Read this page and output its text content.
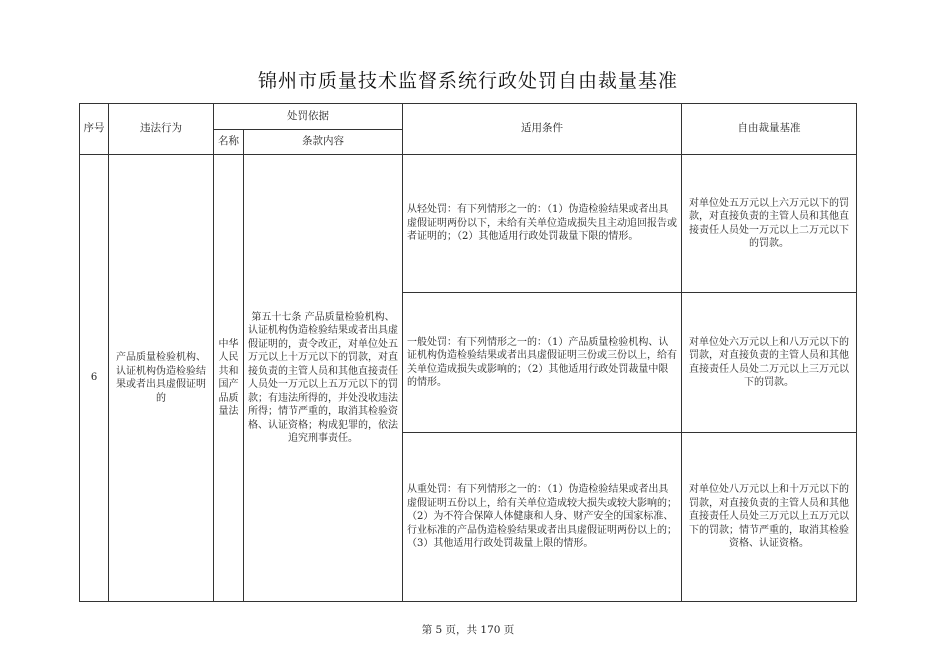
锦州市质量技术监督系统行政处罚自由裁量基准
序号	违法行为	处罚依据		适用条件	自由裁量基准
		名称	条款内容		
6	产品质量检验机构、认证机构伪造检验结果或者出具虚假证明的	中华人民共和国产品质量法	第五十七条 产品质量检验机构、认证机构伪造检验结果或者出具虚假证明的，责令改正，对单位处五万元以上十万元以下的罚款，对直接负责的主管人员和其他直接责任人员处一万元以上五万元以下的罚款；有违法所得的，并处没收违法所得；情节严重的，取消其检验资格、认证资格；构成犯罪的，依法追究刑事责任。	从轻处罚：有下列情形之一的：（1）伪造检验结果或者出具虚假证明两份以下，未给有关单位造成损失且主动追回报告或者证明的；（2）其他适用行政处罚裁量下限的情形。	对单位处五万元以上六万元以下的罚款，对直接负责的主管人员和其他直接责任人员处一万元以上二万元以下的罚款。
				一般处罚：有下列情形之一的：（1）产品质量检验机构、认证机构伪造检验结果或者出具虚假证明三份或三份以上，给有关单位造成损失或影响的；（2）其他适用行政处罚裁量中限的情形。	对单位处六万元以上和八万元以下的罚款，对直接负责的主管人员和其他直接责任人员处二万元以上三万元以下的罚款。
				从重处罚：有下列情形之一的：（1）伪造检验结果或者出具虚假证明五份以上，给有关单位造成较大损失或较大影响的；（2）为不符合保障人体健康和人身、财产安全的国家标准、行业标准的产品伪造检验结果或者出具虚假证明两份以上的；（3）其他适用行政处罚裁量上限的情形。	对单位处八万元以上和十万元以下的罚款，对直接负责的主管人员和其他直接责任人员处三万元以上五万元以下的罚款；情节严重的，取消其检验资格、认证资格。
第 5 页，共 170 页
